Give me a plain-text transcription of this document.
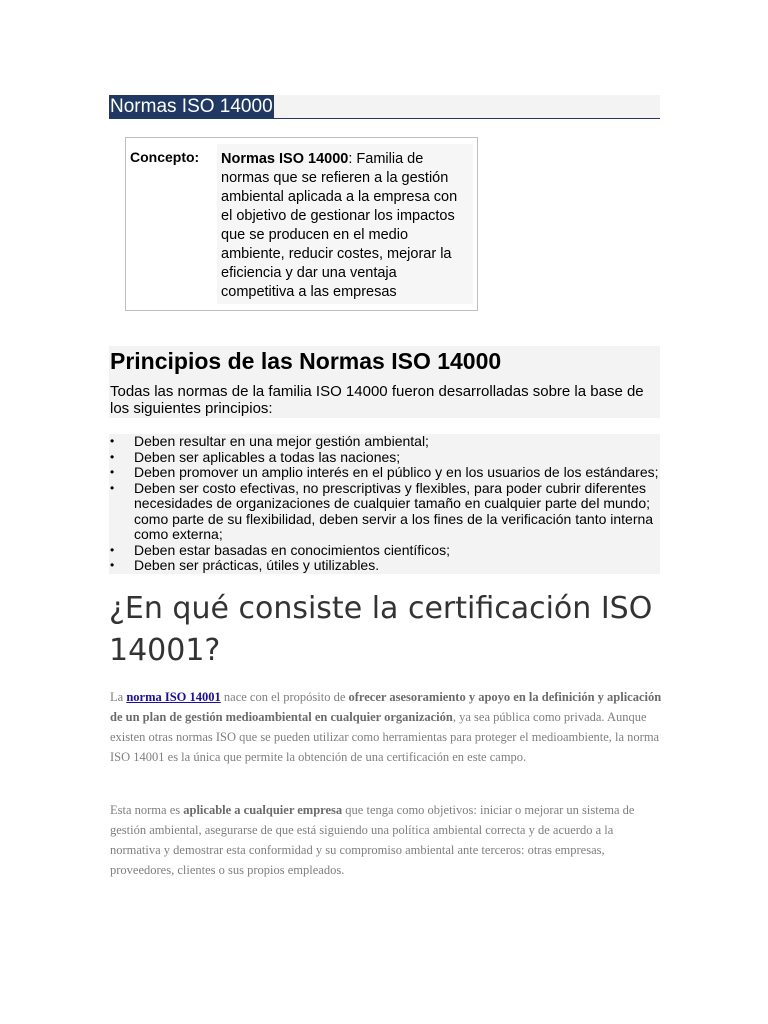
Normas ISO 14000
Concepto: Normas ISO 14000: Familia de normas que se refieren a la gestión ambiental aplicada a la empresa con el objetivo de gestionar los impactos que se producen en el medio ambiente, reducir costes, mejorar la eficiencia y dar una ventaja competitiva a las empresas
Principios de las Normas ISO 14000
Todas las normas de la familia ISO 14000 fueron desarrolladas sobre la base de los siguientes principios:
• Deben resultar en una mejor gestión ambiental;
• Deben ser aplicables a todas las naciones;
• Deben promover un amplio interés en el público y en los usuarios de los estándares;
• Deben ser costo efectivas, no prescriptivas y flexibles, para poder cubrir diferentes necesidades de organizaciones de cualquier tamaño en cualquier parte del mundo; como parte de su flexibilidad, deben servir a los fines de la verificación tanto interna como externa;
• Deben estar basadas en conocimientos científicos;
• Deben ser prácticas, útiles y utilizables.
¿En qué consiste la certificación ISO 14001?

La norma ISO 14001 nace con el propósito de ofrecer asesoramiento y apoyo en la definición y aplicación de un plan de gestión medioambiental en cualquier organización, ya sea pública como privada. Aunque existen otras normas ISO que se pueden utilizar como herramientas para proteger el medioambiente, la norma ISO 14001 es la única que permite la obtención de una certificación en este campo.

Esta norma es aplicable a cualquier empresa que tenga como objetivos: iniciar o mejorar un sistema de gestión ambiental, asegurarse de que está siguiendo una política ambiental correcta y de acuerdo a la normativa y demostrar esta conformidad y su compromiso ambiental ante terceros: otras empresas, proveedores, clientes o sus propios empleados.
